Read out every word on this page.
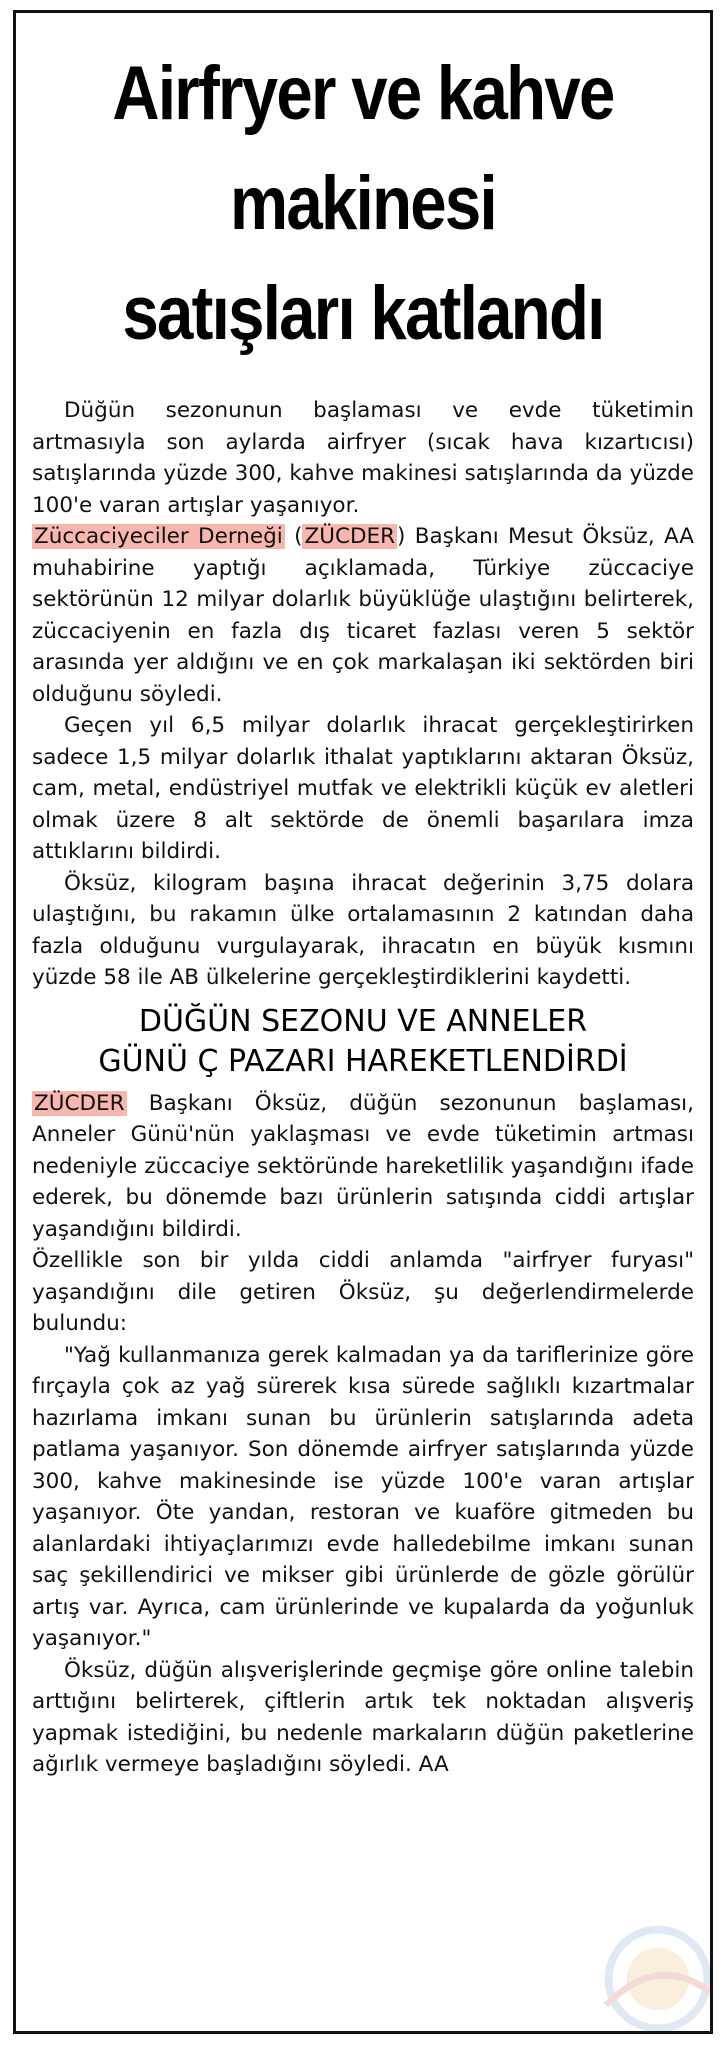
Airfryer ve kahve
makinesi
satışları katlandı

Düğün sezonunun başlaması ve evde tüketimin artmasıyla son aylarda airfryer (sıcak hava kızartıcısı) satışlarında yüzde 300, kahve makinesi satışlarında da yüzde 100'e varan artışlar yaşanıyor.

Züccaciyeciler Derneği (ZÜCDER) Başkanı Mesut Öksüz, AA muhabirine yaptığı açıklamada, Türkiye züccaciye sektörünün 12 milyar dolarlık büyüklüğe ulaştığını belirterek, züccaciyenin en fazla dış ticaret fazlası veren 5 sektör arasında yer aldığını ve en çok markalaşan iki sektörden biri olduğunu söyledi.

Geçen yıl 6,5 milyar dolarlık ihracat gerçekleştirirken sadece 1,5 milyar dolarlık ithalat yaptıklarını aktaran Öksüz, cam, metal, endüstriyel mutfak ve elektrikli küçük ev aletleri olmak üzere 8 alt sektörde de önemli başarılara imza attıklarını bildirdi.

Öksüz, kilogram başına ihracat değerinin 3,75 dolara ulaştığını, bu rakamın ülke ortalamasının 2 katından daha fazla olduğunu vurgulayarak, ihracatın en büyük kısmını yüzde 58 ile AB ülkelerine gerçekleştirdiklerini kaydetti.

DÜĞÜN SEZONU VE ANNELER
GÜNÜ Ç PAZARI HAREKETLENDİRDİ

ZÜCDER Başkanı Öksüz, düğün sezonunun başlaması, Anneler Günü'nün yaklaşması ve evde tüketimin artması nedeniyle züccaciye sektöründe hareketlilik yaşandığını ifade ederek, bu dönemde bazı ürünlerin satışında ciddi artışlar yaşandığını bildirdi.

Özellikle son bir yılda ciddi anlamda "airfryer furyası" yaşandığını dile getiren Öksüz, şu değerlendirmelerde bulundu:

"Yağ kullanmanıza gerek kalmadan ya da tariflerinize göre fırçayla çok az yağ sürerek kısa sürede sağlıklı kızartmalar hazırlama imkanı sunan bu ürünlerin satışlarında adeta patlama yaşanıyor. Son dönemde airfryer satışlarında yüzde 300, kahve makinesinde ise yüzde 100'e varan artışlar yaşanıyor. Öte yandan, restoran ve kuaföre gitmeden bu alanlardaki ihtiyaçlarımızı evde halledebilme imkanı sunan saç şekillendirici ve mikser gibi ürünlerde de gözle görülür artış var. Ayrıca, cam ürünlerinde ve kupalarda da yoğunluk yaşanıyor."

Öksüz, düğün alışverişlerinde geçmişe göre online talebin arttığını belirterek, çiftlerin artık tek noktadan alışveriş yapmak istediğini, bu nedenle markaların düğün paketlerine ağırlık vermeye başladığını söyledi. AA
